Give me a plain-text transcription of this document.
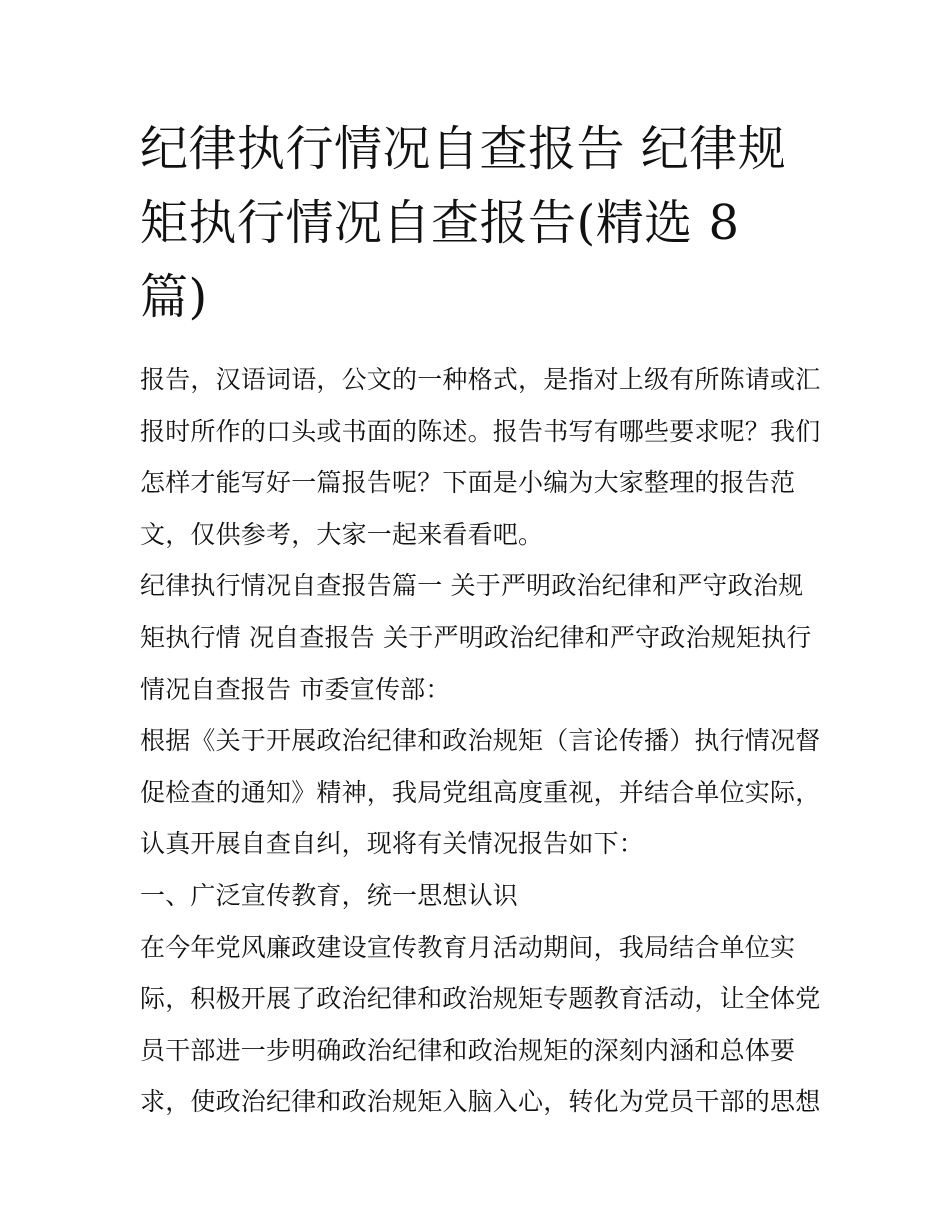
纪律执行情况自查报告 纪律规
矩执行情况自查报告(精选 8
篇)
报告，汉语词语，公文的一种格式，是指对上级有所陈请或汇
报时所作的口头或书面的陈述。报告书写有哪些要求呢？我们
怎样才能写好一篇报告呢？下面是小编为大家整理的报告范
文，仅供参考，大家一起来看看吧。
纪律执行情况自查报告篇一 关于严明政治纪律和严守政治规
矩执行情 况自查报告 关于严明政治纪律和严守政治规矩执行
情况自查报告 市委宣传部：
根据《关于开展政治纪律和政治规矩（言论传播）执行情况督
促检查的通知》精神，我局党组高度重视，并结合单位实际，
认真开展自查自纠，现将有关情况报告如下：
一、广泛宣传教育，统一思想认识
在今年党风廉政建设宣传教育月活动期间，我局结合单位实
际，积极开展了政治纪律和政治规矩专题教育活动，让全体党
员干部进一步明确政治纪律和政治规矩的深刻内涵和总体要
求，使政治纪律和政治规矩入脑入心，转化为党员干部的思想
